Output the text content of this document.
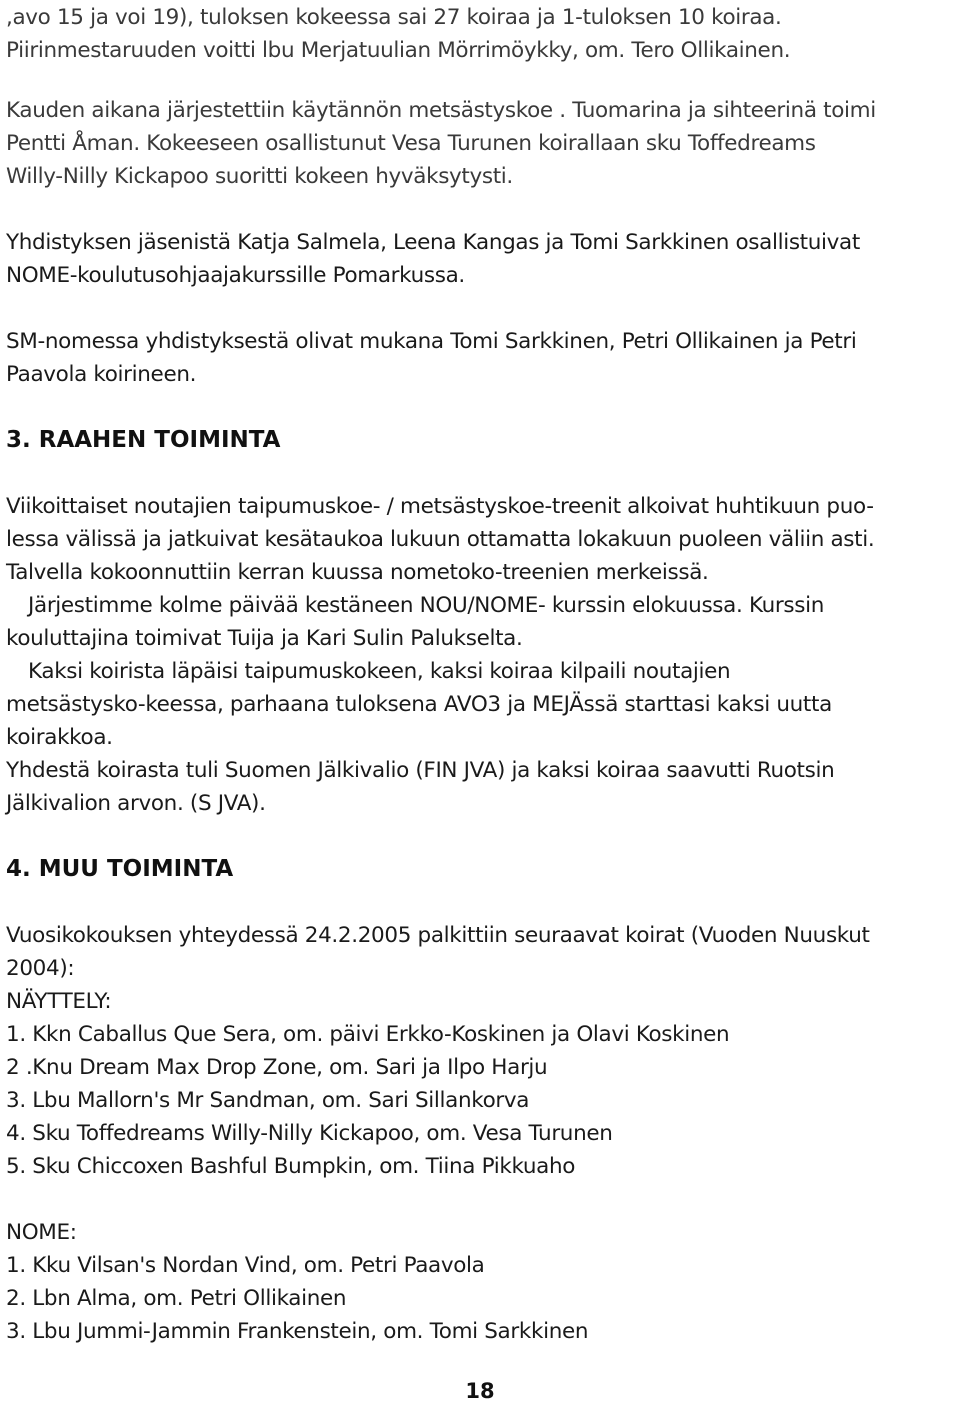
,avo 15 ja voi 19), tuloksen kokeessa sai 27 koiraa ja 1-tuloksen 10 koiraa.
Piirinmestaruuden voitti lbu Merjatuulian Mörrimöykky, om. Tero Ollikainen.
Kauden aikana järjestettiin käytännön metsästyskoe . Tuomarina ja sihteerinä toimi
Pentti Åman. Kokeeseen osallistunut Vesa Turunen koirallaan sku Toffedreams
Willy-Nilly Kickapoo suoritti kokeen hyväksytysti.
Yhdistyksen jäsenistä Katja Salmela, Leena Kangas ja Tomi Sarkkinen osallistuivat
NOME-koulutusohjaajakurssille Pomarkussa.
SM-nomessa yhdistyksestä olivat mukana Tomi Sarkkinen, Petri Ollikainen ja Petri
Paavola koirineen.
3. RAAHEN TOIMINTA
Viikoittaiset noutajien taipumuskoe- / metsästyskoe-treenit alkoivat huhtikuun puo-
lessa välissä ja jatkuivat kesätaukoa lukuun ottamatta lokakuun puoleen väliin asti.
Talvella kokoonnuttiin kerran kuussa nometoko-treenien merkeissä.
Järjestimme kolme päivää kestäneen NOU/NOME- kurssin elokuussa. Kurssin
kouluttajina toimivat Tuija ja Kari Sulin Palukselta.
Kaksi koirista läpäisi taipumuskokeen, kaksi koiraa kilpaili noutajien
metsästysko-keessa, parhaana tuloksena AVO3 ja MEJÄssä starttasi kaksi uutta
koirakkoa.
Yhdestä koirasta tuli Suomen Jälkivalio (FIN JVA) ja kaksi koiraa saavutti Ruotsin
Jälkivalion arvon. (S JVA).
4. MUU TOIMINTA
Vuosikokouksen yhteydessä 24.2.2005 palkittiin seuraavat koirat (Vuoden Nuuskut
2004):
NÄYTTELY:
1. Kkn Caballus Que Sera, om. päivi Erkko-Koskinen ja Olavi Koskinen
2 .Knu Dream Max Drop Zone, om. Sari ja Ilpo Harju
3. Lbu Mallorn's Mr Sandman, om. Sari Sillankorva
4. Sku Toffedreams Willy-Nilly Kickapoo, om. Vesa Turunen
5. Sku Chiccoxen Bashful Bumpkin, om. Tiina Pikkuaho
NOME:
1. Kku Vilsan's Nordan Vind, om. Petri Paavola
2. Lbn Alma, om. Petri Ollikainen
3. Lbu Jummi-Jammin Frankenstein, om. Tomi Sarkkinen
18
